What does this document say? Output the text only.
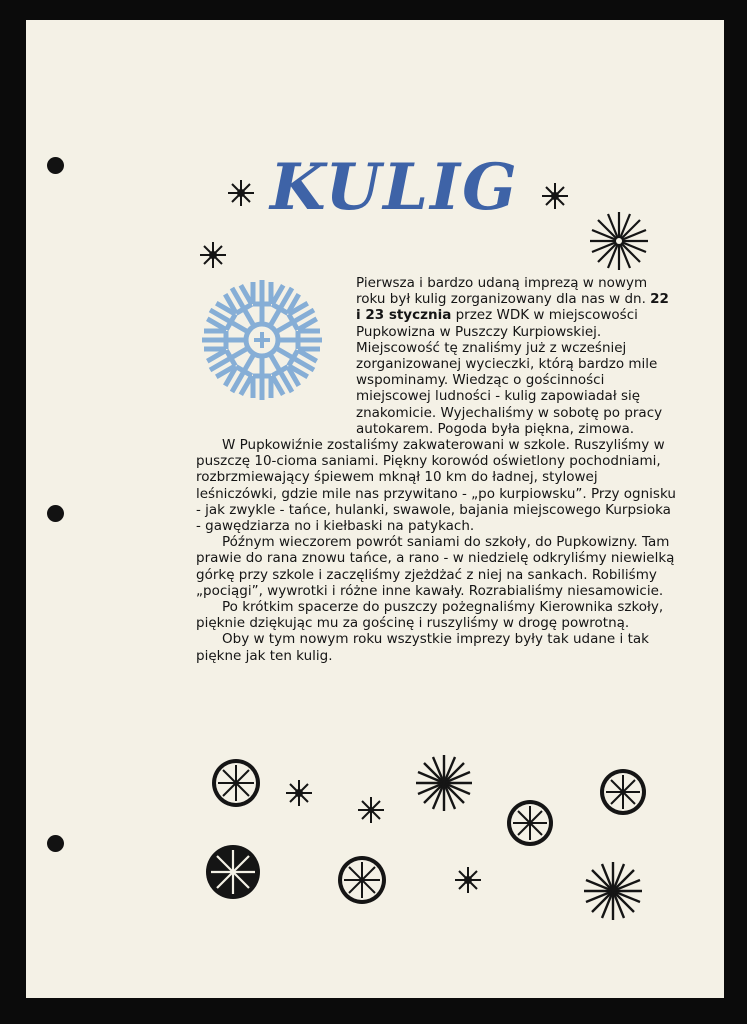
KULIG

Pierwsza i bardzo udaną imprezą w nowym roku był kulig zorganizowany dla nas w dn. 22 i 23 stycznia przez WDK w miejscowości Pupkowizna w Puszczy Kurpiowskiej. Miejscowość tę znaliśmy już z wcześniej zorganizowanej wycieczki, którą bardzo mile wspominamy. Wiedząc o gościnności miejscowej ludności - kulig zapowiadał się znakomicie. Wyjechaliśmy w sobotę po pracy autokarem. Pogoda była piękna, zimowa.

W Pupkowiźnie zostaliśmy zakwaterowani w szkole. Ruszyliśmy w puszczę 10-cioma saniami. Piękny korowód oświetlony pochodniami, rozbrzmiewający śpiewem mknął 10 km do ładnej, stylowej leśniczówki, gdzie mile nas przywitano - „po kurpiowsku”. Przy ognisku - jak zwykle - tańce, hulanki, swawole, bajania miejscowego Kurpsioka - gawędziarza no i kiełbaski na patykach.

Późnym wieczorem powrót saniami do szkoły, do Pupkowizny. Tam prawie do rana znowu tańce, a rano - w niedzielę odkryliśmy niewielką górkę przy szkole i zaczęliśmy zjeżdżać z niej na sankach. Robiliśmy „pociągi”, wywrotki i różne inne kawały. Rozrabialiśmy niesamowicie.

Po krótkim spacerze do puszczy pożegnaliśmy Kierownika szkoły, pięknie dziękując mu za gościnę i ruszyliśmy w drogę powrotną.

Oby w tym nowym roku wszystkie imprezy były tak udane i tak piękne jak ten kulig.
